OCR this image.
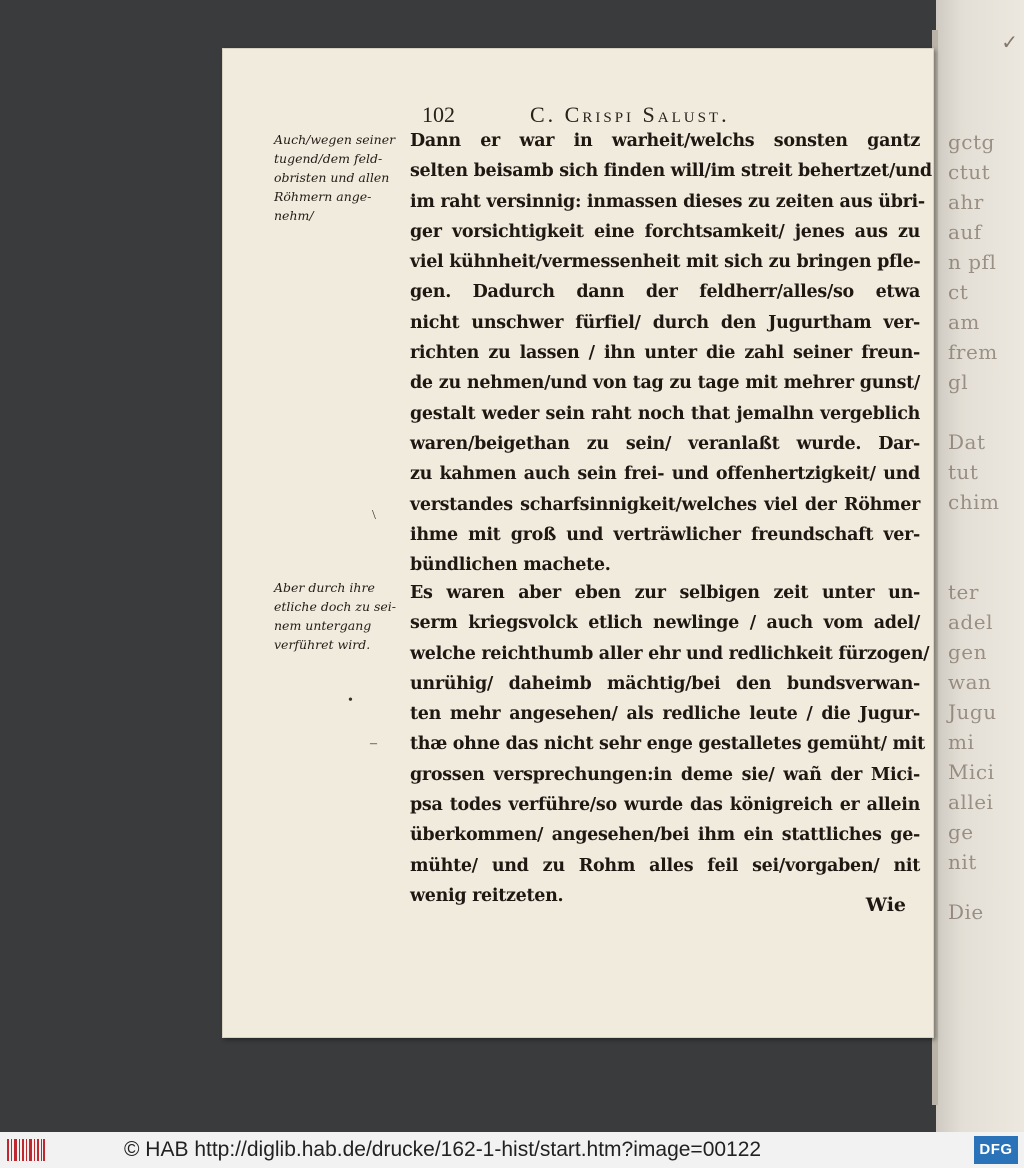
✓
gctg
ctut
ahr
auf
n pfl
ct
am
frem
gl
Dat
tut
chim
ter
adel
gen
wan
Jugu
mi
Mici
allei
ge
nit
Die
102	C. Crispi Salust.
Auch/wegen seiner
tugend/dem feld-
obristen und allen
Röhmern ange-
nehm/
Aber durch ihre
etliche doch zu sei-
nem untergang
verführet wird.
Dann er war in warheit/welchs sonsten gantz
selten beisamb sich finden will/im streit behertzet/und
im raht versinnig: inmassen dieses zu zeiten aus übri-
ger vorsichtigkeit eine forchtsamkeit/ jenes aus zu
viel kühnheit/vermessenheit mit sich zu bringen pfle-
gen. Dadurch dann der feldherr/alles/so etwa
nicht unschwer fürfiel/ durch den Jugurtham ver-
richten zu lassen / ihn unter die zahl seiner freun-
de zu nehmen/und von tag zu tage mit mehrer gunst/
gestalt weder sein raht noch that jemalhn vergeblich
waren/beigethan zu sein/ veranlaßt wurde. Dar-
zu kahmen auch sein frei- und offenhertzigkeit/ und
verstandes scharfsinnigkeit/welches viel der Röhmer
ihme mit groß und verträwlicher freundschaft ver-
bündlichen machete.
Es waren aber eben zur selbigen zeit unter un-
serm kriegsvolck etlich newlinge / auch vom adel/
welche reichthumb aller ehr und redlichkeit fürzogen/
unrühig/ daheimb mächtig/bei den bundsverwan-
ten mehr angesehen/ als redliche leute / die Jugur-
thæ ohne das nicht sehr enge gestalletes gemüht/ mit
grossen versprechungen:in deme sie/ wañ der Mici-
psa todes verführe/so wurde das königreich er allein
überkommen/ angesehen/bei ihm ein stattliches ge-
mühte/ und zu Rohm alles feil sei/vorgaben/ nit
wenig reitzeten.	Wie
\
•
–
© HAB http://diglib.hab.de/drucke/162-1-hist/start.htm?image=00122	DFG
